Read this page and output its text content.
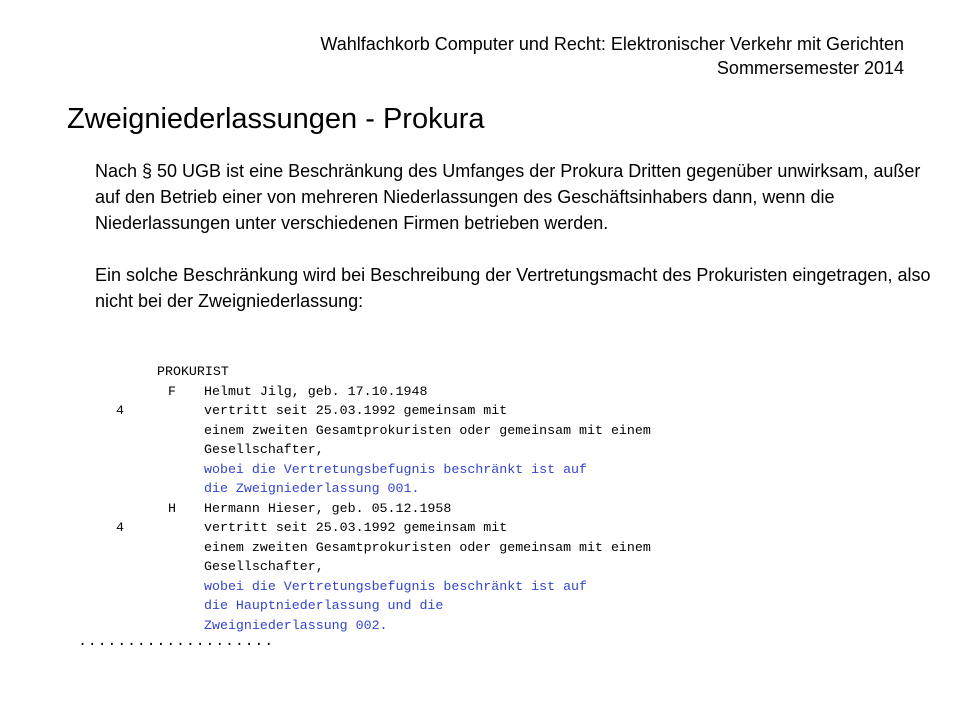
Wahlfachkorb Computer und Recht: Elektronischer Verkehr mit Gerichten
Sommersemester 2014
Zweigniederlassungen - Prokura

Nach § 50 UGB ist eine Beschränkung des Umfanges der Prokura Dritten gegenüber unwirksam, außer auf den Betrieb einer von mehreren Niederlassungen des Geschäftsinhabers dann, wenn die Niederlassungen unter verschiedenen Firmen betrieben werden.

Ein solche Beschränkung wird bei Beschreibung der Vertretungsmacht des Prokuristen eingetragen, also nicht bei der Zweigniederlassung:

PROKURIST
F Helmut Jilg, geb. 17.10.1948
4	vertritt seit 25.03.1992 gemeinsam mit
einem zweiten Gesamtprokuristen oder gemeinsam mit einem
Gesellschafter,
wobei die Vertretungsbefugnis beschränkt ist auf
die Zweigniederlassung 001.
H Hermann Hieser, geb. 05.12.1958
4	vertritt seit 25.03.1992 gemeinsam mit
einem zweiten Gesamtprokuristen oder gemeinsam mit einem
Gesellschafter,
wobei die Vertretungsbefugnis beschränkt ist auf
die Hauptniederlassung und die
Zweigniederlassung 002.
....................
